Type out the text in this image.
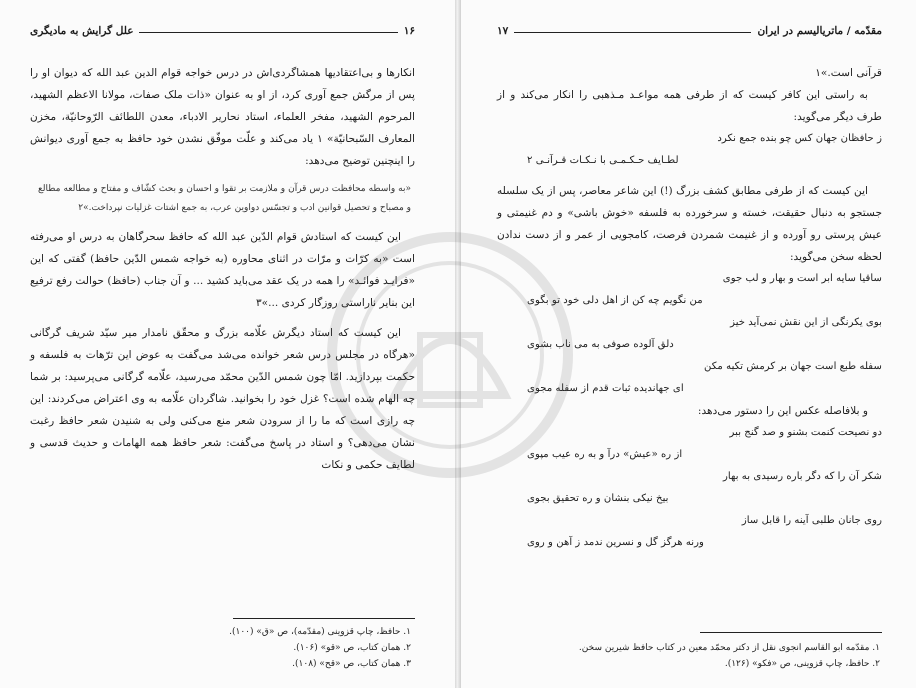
۱۶
علل گرایش به مادیگری

انکارها و بی‌اعتقادیها همشاگردی‌اش در درس خواجه قوام الدین عبد الله که دیوان او را پس از مرگش جمع آوری کرد، از او به عنوان «ذات ملک صفات، مولانا الاعظم الشهید، المرحوم الشهید، مفخر العلماء، استاد نحاریر الادباء، معدن اللطائف الرّوحانیّة، مخزن المعارف السّبحانیّة» ۱ یاد می‌کند و علّت موفّق نشدن خود حافظ به جمع آوری دیوانش را اینچنین توضیح می‌دهد:

«به واسطه محافظت درس قرآن و ملازمت بر تقوا و احسان و بحث کشّاف و مفتاح و مطالعه مطالع و مصباح و تحصیل قوانین ادب و تجسّس دواوین عرب، به جمع اشتات غزلیات نپرداخت.»۲

این کیست که استادش قوام الدّین عبد الله که حافظ سحرگاهان به درس او می‌رفته است «به کرّات و مرّات در اثنای محاوره (به خواجه شمس الدّین حافظ) گفتی که این «فرایـد فوائـد» را همه در یک عقد می‌باید کشید ... و آن جناب (حافظ) حوالت رفع ترفیع این بنایر ناراستی روزگار کردی ...»۳

این کیست که استاد دیگرش علّامه بزرگ و محقّق نامدار میر سیّد شریف گرگانی «هرگاه در مجلس درس شعر خوانده می‌شد می‌گفت به عوض این ترّهات به فلسفه و حکمت بپردازید. امّا چون شمس الدّین محمّد می‌رسید، علّامه گرگانی می‌پرسید: بر شما چه الهام شده است؟ غزل خود را بخوانید. شاگردان علّامه به وی اعتراض می‌کردند: این چه رازی است که ما را از سرودن شعر منع می‌کنی ولی به شنیدن شعر حافظ رغبت نشان می‌دهی؟ و استاد در پاسخ می‌گفت: شعر حافظ همه الهامات و حدیث قدسی و لطایف حکمی و نکات

۱. حافظ، چاپ قزوینی (مقدّمه)، ص «ق» (۱۰۰).
۲. همان کتاب، ص «قو» (۱۰۶).
۳. همان کتاب، ص «قح» (۱۰۸).
مقدّمه / ماتریالیسم در ایران
۱۷

قرآنی است.»۱

به راستی این کافر کیست که از طرفی همه مواعـد مـذهبی را انکار می‌کند و از طرف دیگر می‌گوید:

ز حافظان جهان کس چو بنده جمع نکرد
لطـایف حـکـمـی با نـکـات قـرآنـی ۲

این کیست که از طرفی مطابق کشف بزرگ (!) این شاعر معاصر، پس از یک سلسله جستجو به دنبال حقیقت، خسته و سرخورده به فلسفه «خوش باشی» و دم غنیمتی و عیش پرستی رو آورده و از غنیمت شمردن فرصت، کامجویی از عمر و از دست ندادن لحظه سخن می‌گوید:

ساقیا سایه ابر است و بهار و لب جوی
من نگویم چه کن از اهل دلی خود تو بگوی
بوی یکرنگی از این نقش نمی‌آید خیز
دلق آلوده صوفی به می ناب بشوی
سفله طبع است جهان بر کرمش تکیه مکن
ای جهاندیده ثبات قدم از سفله مجوی

و بلافاصله عکس این را دستور می‌دهد:

دو نصیحت کنمت بشنو و صد گنج ببر
از ره «عیش» درآ و به ره عیب مپوی
شکر آن را که دگر باره رسیدی به بهار
بیخ نیکی بنشان و ره تحقیق بجوی
روی جانان طلبی آینه را قابل ساز
ورنه هرگز گل و نسرین ندمد ز آهن و روی
۱. مقدّمه ابو القاسم انجوی نقل از دکتر محمّد معین در کتاب حافظ شیرین سخن.
۲. حافظ، چاپ قزوینی، ص «فکو» (۱۲۶).
